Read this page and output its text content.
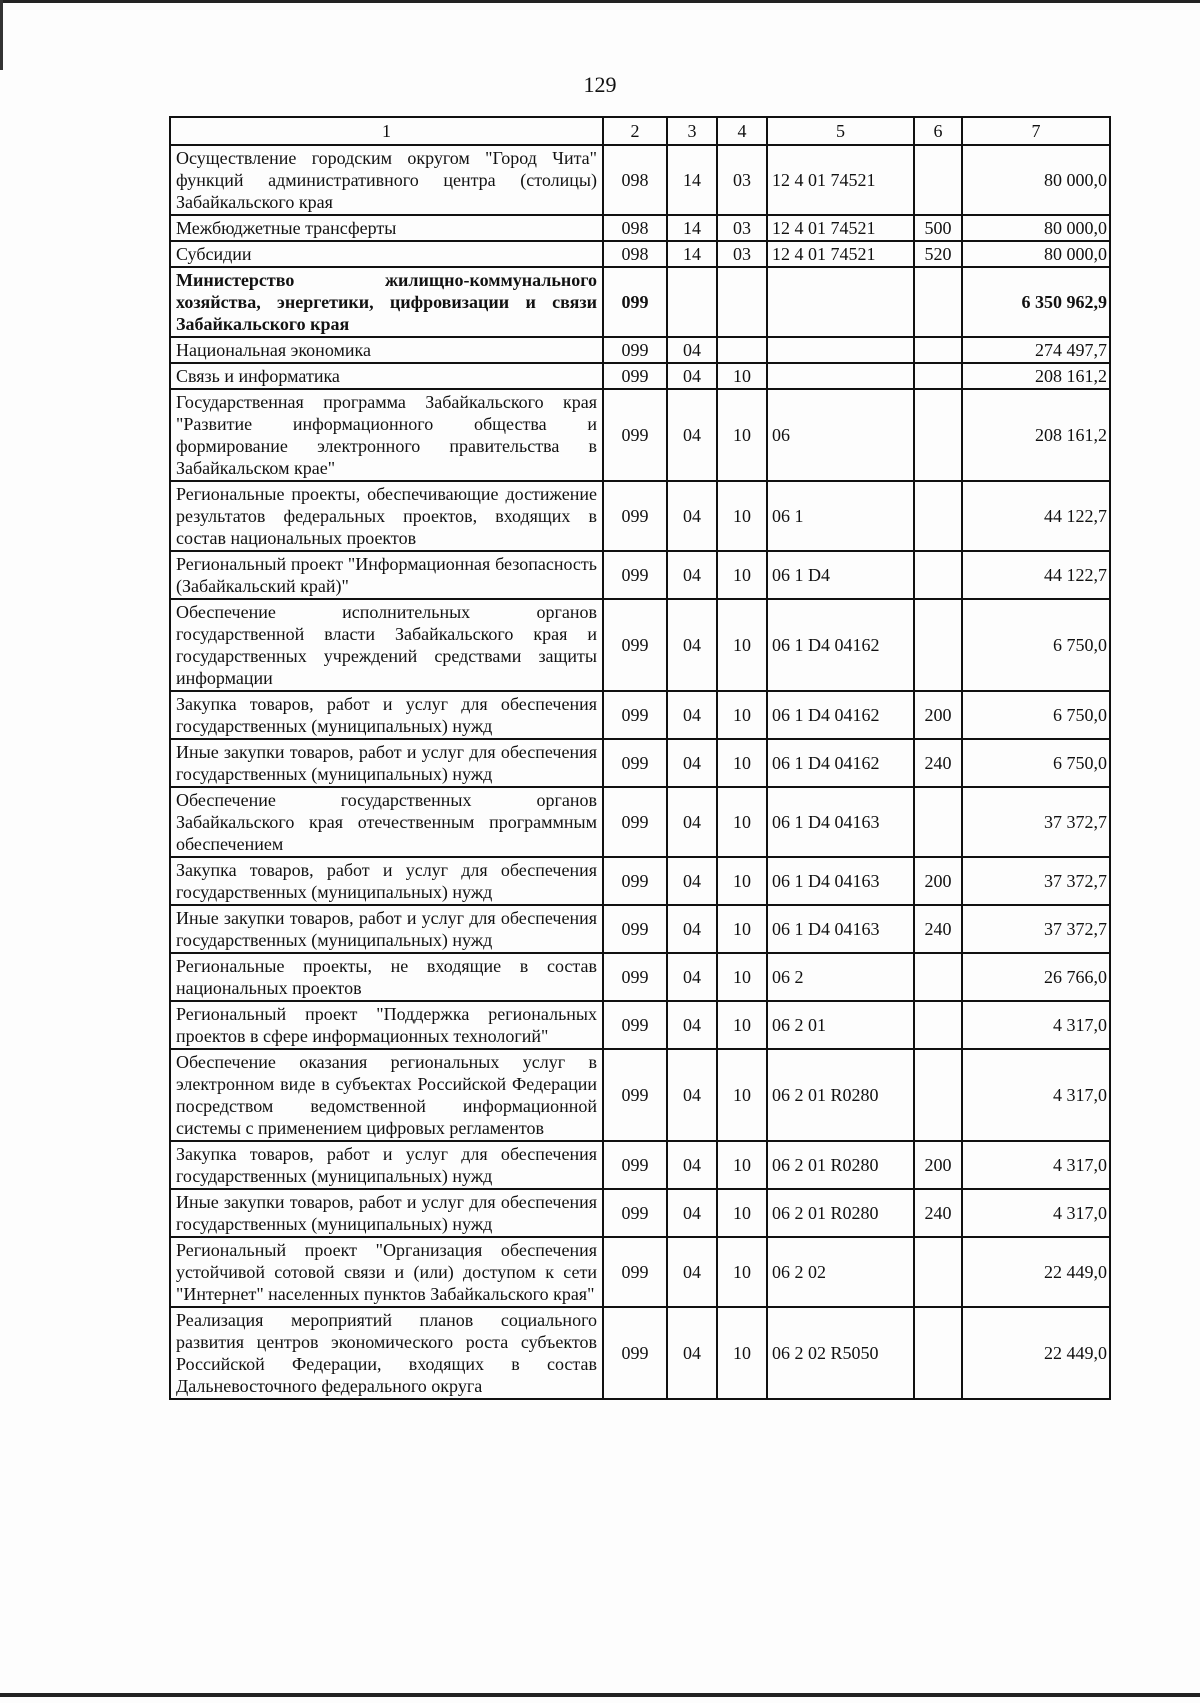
129
1	2	3	4	5	6	7
Осуществление городским округом "Город Чита" функций административного центра (столицы) Забайкальского края	098	14	03	12 4 01 74521		80 000,0
Межбюджетные трансферты	098	14	03	12 4 01 74521	500	80 000,0
Субсидии	098	14	03	12 4 01 74521	520	80 000,0
Министерство жилищно-коммунального хозяйства, энергетики, цифровизации и связи Забайкальского края	099					6 350 962,9
Национальная экономика	099	04				274 497,7
Связь и информатика	099	04	10			208 161,2
Государственная программа Забайкальского края "Развитие информационного общества и формирование электронного правительства в Забайкальском крае"	099	04	10	06		208 161,2
Региональные проекты, обеспечивающие достижение результатов федеральных проектов, входящих в состав национальных проектов	099	04	10	06 1		44 122,7
Региональный проект "Информационная безопасность (Забайкальский край)"	099	04	10	06 1 D4		44 122,7
Обеспечение исполнительных органов государственной власти Забайкальского края и государственных учреждений средствами защиты информации	099	04	10	06 1 D4 04162		6 750,0
Закупка товаров, работ и услуг для обеспечения государственных (муниципальных) нужд	099	04	10	06 1 D4 04162	200	6 750,0
Иные закупки товаров, работ и услуг для обеспечения государственных (муниципальных) нужд	099	04	10	06 1 D4 04162	240	6 750,0
Обеспечение государственных органов Забайкальского края отечественным программным обеспечением	099	04	10	06 1 D4 04163		37 372,7
Закупка товаров, работ и услуг для обеспечения государственных (муниципальных) нужд	099	04	10	06 1 D4 04163	200	37 372,7
Иные закупки товаров, работ и услуг для обеспечения государственных (муниципальных) нужд	099	04	10	06 1 D4 04163	240	37 372,7
Региональные проекты, не входящие в состав национальных проектов	099	04	10	06 2		26 766,0
Региональный проект "Поддержка региональных проектов в сфере информационных технологий"	099	04	10	06 2 01		4 317,0
Обеспечение оказания региональных услуг в электронном виде в субъектах Российской Федерации посредством ведомственной информационной системы с применением цифровых регламентов	099	04	10	06 2 01 R0280		4 317,0
Закупка товаров, работ и услуг для обеспечения государственных (муниципальных) нужд	099	04	10	06 2 01 R0280	200	4 317,0
Иные закупки товаров, работ и услуг для обеспечения государственных (муниципальных) нужд	099	04	10	06 2 01 R0280	240	4 317,0
Региональный проект "Организация обеспечения устойчивой сотовой связи и (или) доступом к сети "Интернет" населенных пунктов Забайкальского края"	099	04	10	06 2 02		22 449,0
Реализация мероприятий планов социального развития центров экономического роста субъектов Российской Федерации, входящих в состав Дальневосточного федерального округа	099	04	10	06 2 02 R5050		22 449,0
